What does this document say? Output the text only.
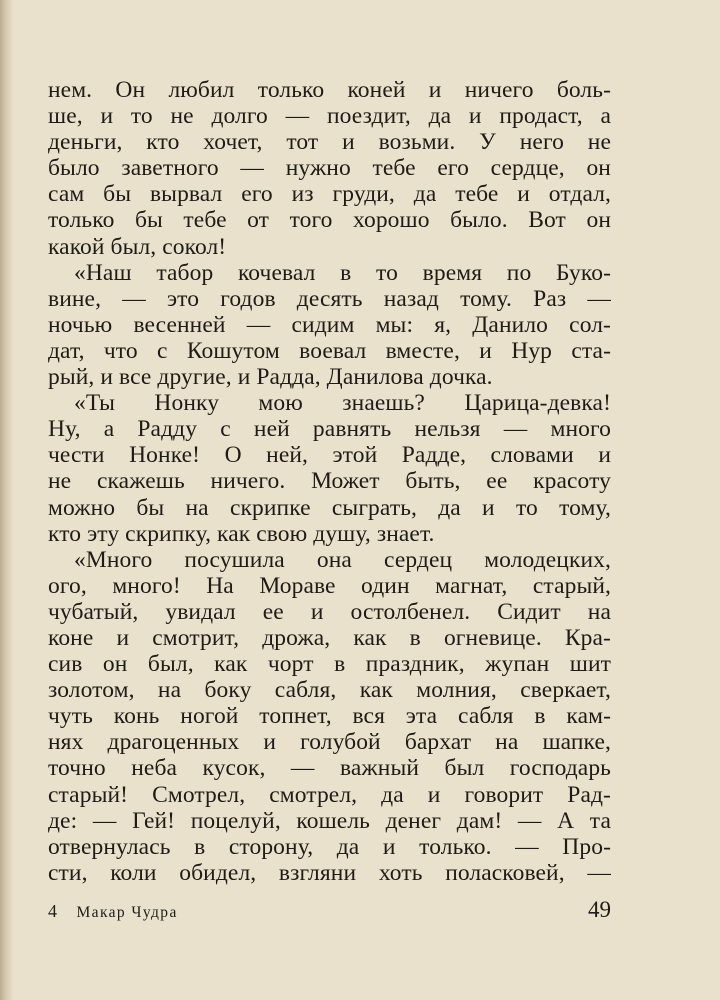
нем. Он любил только коней и ничего боль-
ше, и то не долго — поездит, да и продаст, а
деньги, кто хочет, тот и возьми. У него не
было заветного — нужно тебе его сердце, он
сам бы вырвал его из груди, да тебе и отдал,
только бы тебе от того хорошо было. Вот он
какой был, сокол!
«Наш табор кочевал в то время по Буко-
вине, — это годов десять назад тому. Раз —
ночью весенней — сидим мы: я, Данило сол-
дат, что с Кошутом воевал вместе, и Нур ста-
рый, и все другие, и Радда, Данилова дочка.
«Ты Нонку мою знаешь? Царица-девка!
Ну, а Радду с ней равнять нельзя — много
чести Нонке! О ней, этой Радде, словами и
не скажешь ничего. Может быть, ее красоту
можно бы на скрипке сыграть, да и то тому,
кто эту скрипку, как свою душу, знает.
«Много посушила она сердец молодецких,
ого, много! На Мораве один магнат, старый,
чубатый, увидал ее и остолбенел. Сидит на
коне и смотрит, дрожа, как в огневице. Кра-
сив он был, как чорт в праздник, жупан шит
золотом, на боку сабля, как молния, сверкает,
чуть конь ногой топнет, вся эта сабля в кам-
нях драгоценных и голубой бархат на шапке,
точно неба кусок, — важный был господарь
старый! Смотрел, смотрел, да и говорит Рад-
де: — Гей! поцелуй, кошель денег дам! — А та
отвернулась в сторону, да и только. — Про-
сти, коли обидел, взгляни хоть поласковей, —
4 Макар Чудра	49
